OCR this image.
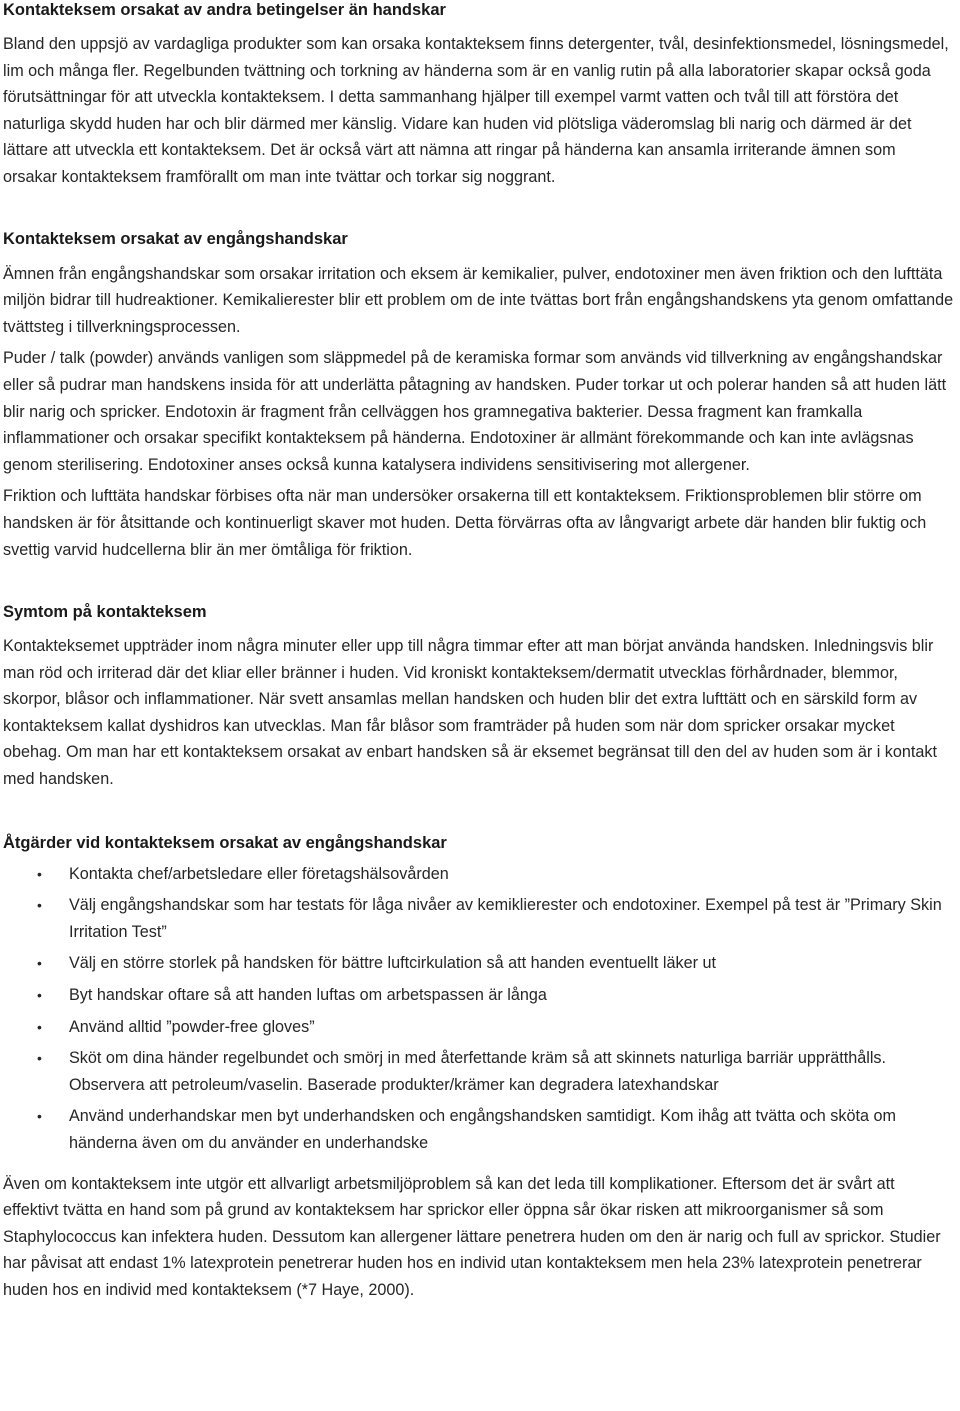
Kontakteksem orsakat av andra betingelser än handskar

Bland den uppsjö av vardagliga produkter som kan orsaka kontakteksem finns detergenter, tvål, desinfektionsmedel, lösningsmedel, lim och många fler. Regelbunden tvättning och torkning av händerna som är en vanlig rutin på alla laboratorier skapar också goda förutsättningar för att utveckla kontakteksem. I detta sammanhang hjälper till exempel varmt vatten och tvål till att förstöra det naturliga skydd huden har och blir därmed mer känslig. Vidare kan huden vid plötsliga väderomslag bli narig och därmed är det lättare att utveckla ett kontakteksem. Det är också värt att nämna att ringar på händerna kan ansamla irriterande ämnen som orsakar kontakteksem framförallt om man inte tvättar och torkar sig noggrant.

Kontakteksem orsakat av engångshandskar

Ämnen från engångshandskar som orsakar irritation och eksem är kemikalier, pulver, endotoxiner men även friktion och den lufttäta miljön bidrar till hudreaktioner. Kemikalierester blir ett problem om de inte tvättas bort från engångshandskens yta genom omfattande tvättsteg i tillverkningsprocessen.

Puder / talk (powder) används vanligen som släppmedel på de keramiska formar som används vid tillverkning av engångshandskar eller så pudrar man handskens insida för att underlätta påtagning av handsken. Puder torkar ut och polerar handen så att huden lätt blir narig och spricker. Endotoxin är fragment från cellväggen hos gramnegativa bakterier. Dessa fragment kan framkalla inflammationer och orsakar specifikt kontakteksem på händerna. Endotoxiner är allmänt förekommande och kan inte avlägsnas genom sterilisering. Endotoxiner anses också kunna katalysera individens sensitivisering mot allergener.

Friktion och lufttäta handskar förbises ofta när man undersöker orsakerna till ett kontakteksem. Friktionsproblemen blir större om handsken är för åtsittande och kontinuerligt skaver mot huden. Detta förvärras ofta av långvarigt arbete där handen blir fuktig och svettig varvid hudcellerna blir än mer ömtåliga för friktion.

Symtom på kontakteksem

Kontakteksemet uppträder inom några minuter eller upp till några timmar efter att man börjat använda handsken. Inledningsvis blir man röd och irriterad där det kliar eller bränner i huden. Vid kroniskt kontakteksem/dermatit utvecklas förhårdnader, blemmor, skorpor, blåsor och inflammationer. När svett ansamlas mellan handsken och huden blir det extra lufttätt och en särskild form av kontakteksem kallat dyshidros kan utvecklas. Man får blåsor som framträder på huden som när dom spricker orsakar mycket obehag. Om man har ett kontakteksem orsakat av enbart handsken så är eksemet begränsat till den del av huden som är i kontakt med handsken.

Åtgärder vid kontakteksem orsakat av engångshandskar
• Kontakta chef/arbetsledare eller företagshälsovården
• Välj engångshandskar som har testats för låga nivåer av kemiklierester och endotoxiner. Exempel på test är ”Primary Skin Irritation Test”
• Välj en större storlek på handsken för bättre luftcirkulation så att handen eventuellt läker ut
• Byt handskar oftare så att handen luftas om arbetspassen är långa
• Använd alltid ”powder-free gloves”
• Sköt om dina händer regelbundet och smörj in med återfettande kräm så att skinnets naturliga barriär upprätthålls. Observera att petroleum/vaselin. Baserade produkter/krämer kan degradera latexhandskar
• Använd underhandskar men byt underhandsken och engångshandsken samtidigt. Kom ihåg att tvätta och sköta om händerna även om du använder en underhandske

Även om kontakteksem inte utgör ett allvarligt arbetsmiljöproblem så kan det leda till komplikationer. Eftersom det är svårt att effektivt tvätta en hand som på grund av kontakteksem har sprickor eller öppna sår ökar risken att mikroorganismer så som Staphylococcus kan infektera huden. Dessutom kan allergener lättare penetrera huden om den är narig och full av sprickor. Studier har påvisat att endast 1% latexprotein penetrerar huden hos en individ utan kontakteksem men hela 23% latexprotein penetrerar huden hos en individ med kontakteksem (*7 Haye, 2000).
